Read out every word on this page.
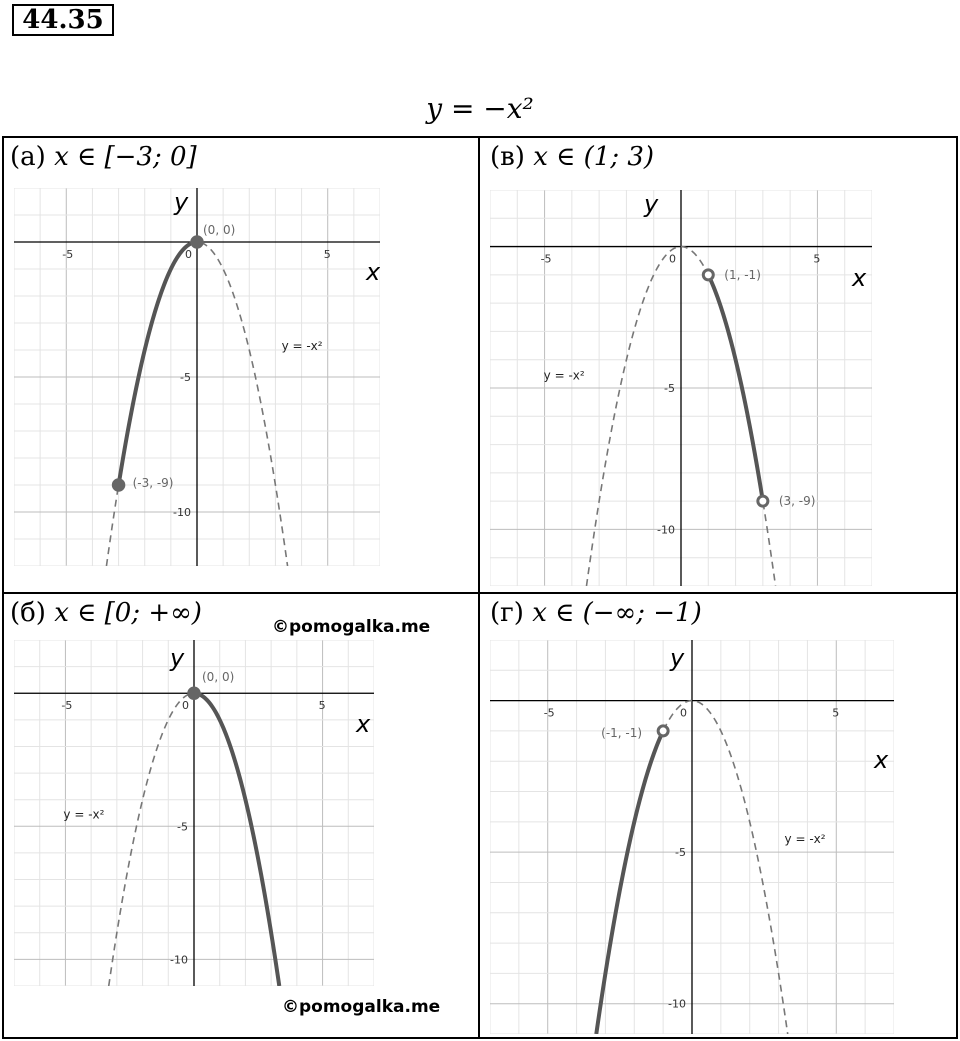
44.35
y = −x²
(а) x ∈ [−3; 0]	(в) x ∈ (1; 3)
(б) x ∈ [0; +∞)	(г) x ∈ (−∞; −1)
©pomogalka.me
©pomogalka.me
-5	0	5
-5
-10
x
y
y = -x²
(-3, -9)
(0, 0)
-5	0	5
-5
-10
x
y
y = -x²
(1, -1)
(3, -9)
-5	0	5
-5
-10
x
y
y = -x²
(0, 0)
-5	0	5
-5
-10
x
y
y = -x²
(-1, -1)
